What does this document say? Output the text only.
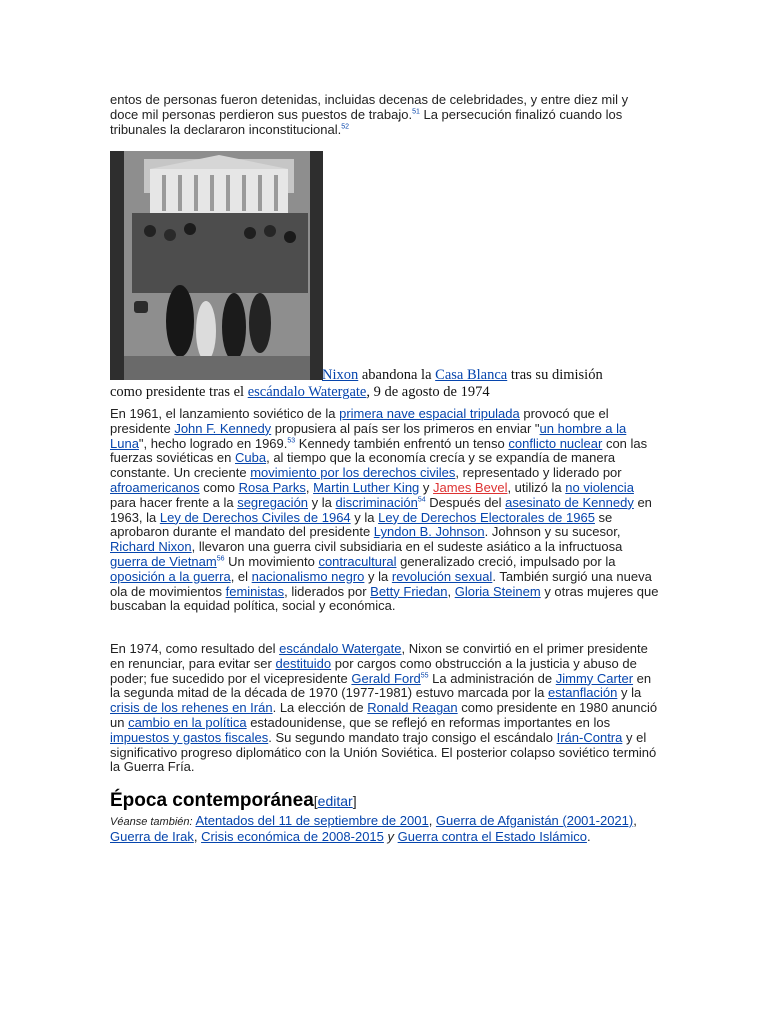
entos de personas fueron detenidas, incluidas decenas de celebridades, y entre diez mil y doce mil personas perdieron sus puestos de trabajo.$^{51}$ La persecución finalizó cuando los tribunales la declararon inconstitucional.$^{52}$

Nixon abandona la Casa Blanca tras su dimisión
como presidente tras el escándalo Watergate, 9 de agosto de 1974

En 1961, el lanzamiento soviético de la primera nave espacial tripulada provocó que el presidente John F. Kennedy propusiera al país ser los primeros en enviar "un hombre a la Luna", hecho logrado en 1969.53 Kennedy también enfrentó un tenso conflicto nuclear con las fuerzas soviéticas en Cuba, al tiempo que la economía crecía y se expandía de manera constante. Un creciente movimiento por los derechos civiles, representado y liderado por afroamericanos como Rosa Parks, Martin Luther King y James Bevel, utilizó la no violencia para hacer frente a la segregación y la discriminación$^{54}$ Después del asesinato de Kennedy en 1963, la Ley de Derechos Civiles de 1964 y la Ley de Derechos Electorales de 1965 se aprobaron durante el mandato del presidente Lyndon B. Johnson. Johnson y su sucesor, Richard Nixon, llevaron una guerra civil subsidiaria en el sudeste asiático a la infructuosa guerra de Vietnam$^{56}$ Un movimiento contracultural generalizado creció, impulsado por la oposición a la guerra, el nacionalismo negro y la revolución sexual. También surgió una nueva ola de movimientos feministas, liderados por Betty Friedan, Gloria Steinem y otras mujeres que buscaban la equidad política, social y económica.

En 1974, como resultado del escándalo Watergate, Nixon se convirtió en el primer presidente en renunciar, para evitar ser destituido por cargos como obstrucción a la justicia y abuso de poder; fue sucedido por el vicepresidente Gerald Ford$^{55}$ La administración de Jimmy Carter en la segunda mitad de la década de 1970 (1977-1981) estuvo marcada por la estanflación y la crisis de los rehenes en Irán. La elección de Ronald Reagan como presidente en 1980 anunció un cambio en la política estadounidense, que se reflejó en reformas importantes en los impuestos y gastos fiscales. Su segundo mandato trajo consigo el escándalo Irán-Contra y el significativo progreso diplomático con la Unión Soviética. El posterior colapso soviético terminó la Guerra Fría.

Época contemporánea[editar]

Véanse también: Atentados del 11 de septiembre de 2001, Guerra de Afganistán (2001-2021), Guerra de Irak, Crisis económica de 2008-2015 y Guerra contra el Estado Islámico.
